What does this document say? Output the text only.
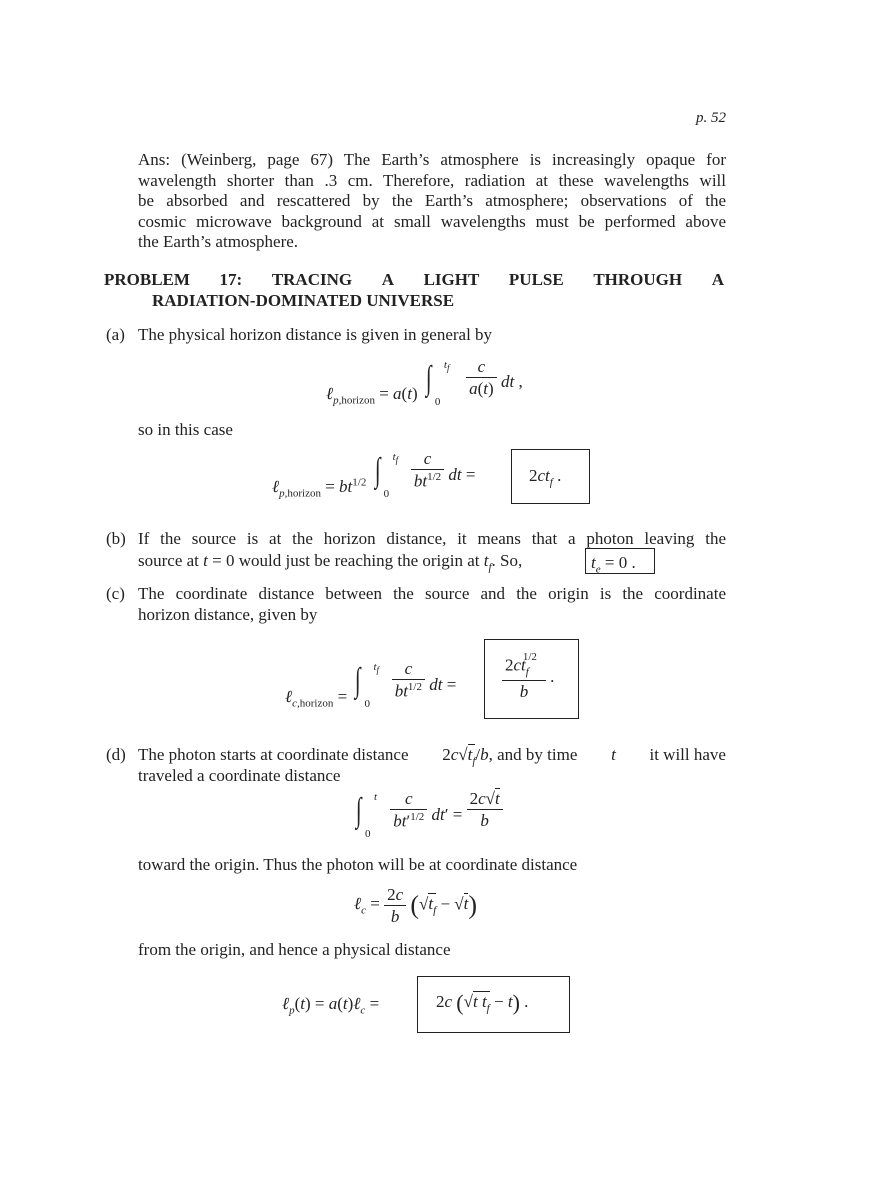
p. 52
Ans: (Weinberg, page 67) The Earth’s atmosphere is increasingly opaque for
wavelength shorter than .3 cm. Therefore, radiation at these wavelengths will
be absorbed and rescattered by the Earth’s atmosphere; observations of the
cosmic microwave background at small wavelengths must be performed above
the Earth’s atmosphere.
PROBLEM 17: TRACING A LIGHT PULSE THROUGH A
RADIATION-DOMINATED UNIVERSE
(a) The physical horizon distance is given in general by
ℓ$_{p,horizon}$ = a(t) ∫ $t_f$
0

$\frac{c}{a(t)}$ dt ,
so in this case
ℓ$_{p,horizon}$ = $bt^{1/2}$ ∫ $t_f$
0

$\frac{c}{bt^{1/2}}$ dt =	$2ct_f$ .
(b) If the source is at the horizon distance, it means that a photon leaving the
source at t = 0 would just be reaching the origin at $t_f$. So,	$t_e = 0$ .
(c) The coordinate distance between the source and the origin is the coordinate
horizon distance, given by
ℓ$_{c,horizon}$ = ∫ $t_f$
0

$\frac{c}{bt^{1/2}}$ dt =	$\frac{2ct_f^{1/2}}{b}$ .
(d) The photon starts at coordinate distance $2c√t_f/b$, and by time t it will have
traveled a coordinate distance
∫ t
0

$\frac{c}{bt'^{1/2}} dt' = \frac{2c√t}{b}$
toward the origin. Thus the photon will be at coordinate distance
ℓ$_c$ = $\frac{2c}{b} (√t_f - √t)$
from the origin, and hence a physical distance
ℓ$_p$(t) = a(t)ℓ$_c$ =	2c (√t $t_f - t$) .
